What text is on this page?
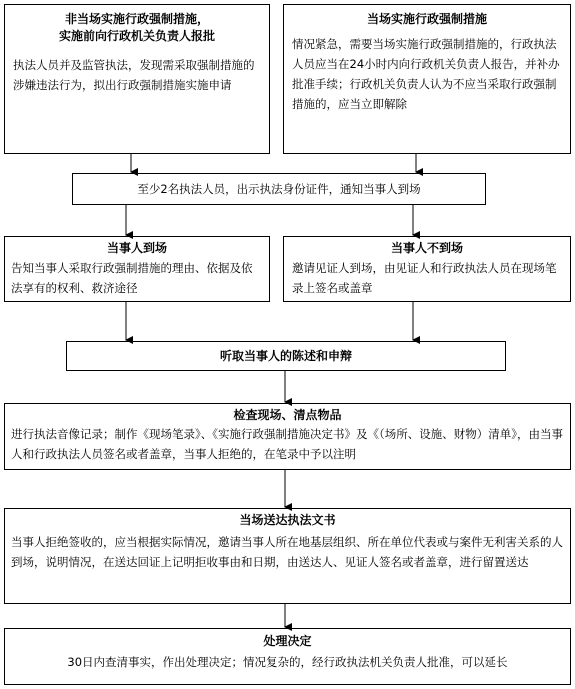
非当场实施行政强制措施，
实施前向行政机关负责人报批
执法人员并及监管执法，发现需采取强制措施的涉嫌违法行为，拟出行政强制措施实施申请
当场实施行政强制措施
情况紧急，需要当场实施行政强制措施的，行政执法人员应当在24小时内向行政机关负责人报告，并补办批准手续；行政机关负责人认为不应当采取行政强制措施的，应当立即解除
至少2名执法人员，出示执法身份证件，通知当事人到场
当事人到场
告知当事人采取行政强制措施的理由、依据及依法享有的权利、救济途径
当事人不到场
邀请见证人到场，由见证人和行政执法人员在现场笔录上签名或盖章
听取当事人的陈述和申辩
检查现场、清点物品
进行执法音像记录；制作《现场笔录》、《实施行政强制措施决定书》及《（场所、设施、财物）清单》，由当事人和行政执法人员签名或者盖章，当事人拒绝的，在笔录中予以注明
当场送达执法文书
当事人拒绝签收的，应当根据实际情况，邀请当事人所在地基层组织、所在单位代表或与案件无利害关系的人到场，说明情况，在送达回证上记明拒收事由和日期，由送达人、见证人签名或者盖章，进行留置送达
处理决定
30日内查清事实，作出处理决定；情况复杂的，经行政执法机关负责人批准，可以延长
